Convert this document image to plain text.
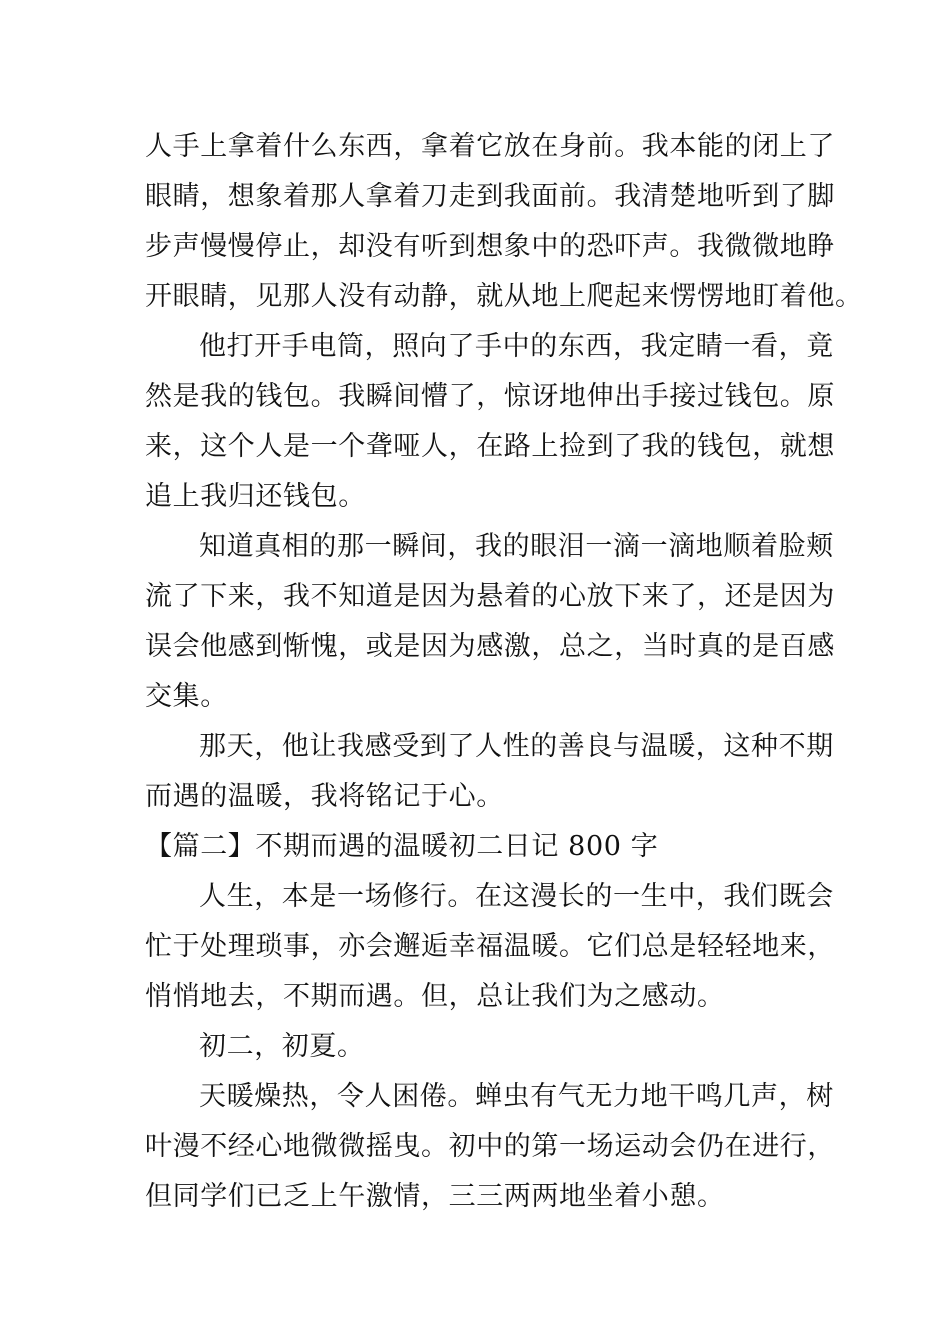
人手上拿着什么东西，拿着它放在身前。我本能的闭上了
眼睛，想象着那人拿着刀走到我面前。我清楚地听到了脚
步声慢慢停止，却没有听到想象中的恐吓声。我微微地睁
开眼睛，见那人没有动静，就从地上爬起来愣愣地盯着他。
他打开手电筒，照向了手中的东西，我定睛一看，竟
然是我的钱包。我瞬间懵了，惊讶地伸出手接过钱包。原
来，这个人是一个聋哑人，在路上捡到了我的钱包，就想
追上我归还钱包。
知道真相的那一瞬间，我的眼泪一滴一滴地顺着脸颊
流了下来，我不知道是因为悬着的心放下来了，还是因为
误会他感到惭愧，或是因为感激，总之，当时真的是百感
交集。
那天，他让我感受到了人性的善良与温暖，这种不期
而遇的温暖，我将铭记于心。
【篇二】不期而遇的温暖初二日记 800 字
人生，本是一场修行。在这漫长的一生中，我们既会
忙于处理琐事，亦会邂逅幸福温暖。它们总是轻轻地来，
悄悄地去，不期而遇。但，总让我们为之感动。
初二，初夏。
天暖燥热，令人困倦。蝉虫有气无力地干鸣几声，树
叶漫不经心地微微摇曳。初中的第一场运动会仍在进行，
但同学们已乏上午激情，三三两两地坐着小憩。
